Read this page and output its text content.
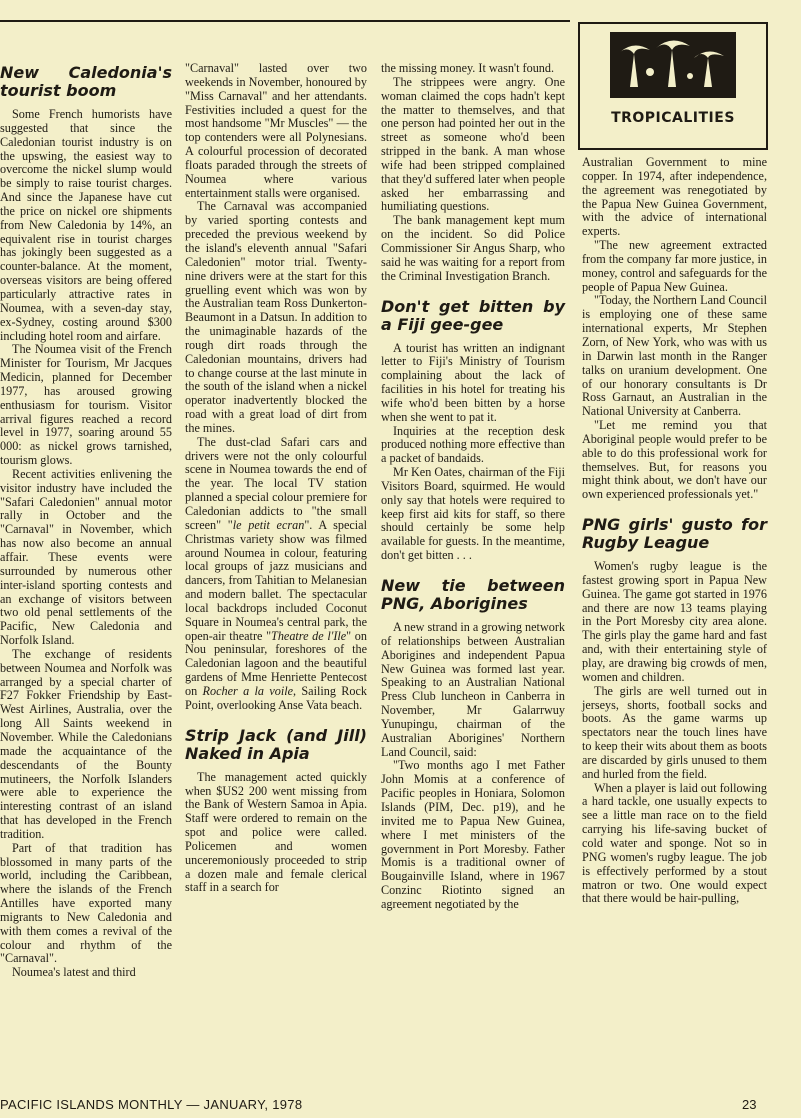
TROPICALITIES
New Caledonia's tourist boom

Some French humorists have suggested that since the Caledonian tourist industry is on the upswing, the easiest way to overcome the nickel slump would be simply to raise tourist charges. And since the Japanese have cut the price on nickel ore shipments from New Caledonia by 14%, an equivalent rise in tourist charges has jokingly been suggested as a counter-balance. At the moment, overseas visitors are being offered particularly attractive rates in Noumea, with a seven-day stay, ex-Sydney, costing around $300 including hotel room and airfare.

The Noumea visit of the French Minister for Tourism, Mr Jacques Medicin, planned for December 1977, has aroused growing enthusiasm for tourism. Visitor arrival figures reached a record level in 1977, soaring around 55 000: as nickel grows tarnished, tourism glows.

Recent activities enlivening the visitor industry have included the "Safari Caledonien" annual motor rally in October and the "Carnaval" in November, which has now also become an annual affair. These events were surrounded by numerous other inter-island sporting contests and an exchange of visitors between two old penal settlements of the Pacific, New Caledonia and Norfolk Island.

The exchange of residents between Noumea and Norfolk was arranged by a special charter of F27 Fokker Friendship by East-West Airlines, Australia, over the long All Saints weekend in November. While the Caledonians made the acquaintance of the descendants of the Bounty mutineers, the Norfolk Islanders were able to experience the interesting contrast of an island that has developed in the French tradition.

Part of that tradition has blossomed in many parts of the world, including the Caribbean, where the islands of the French Antilles have exported many migrants to New Caledonia and with them comes a revival of the colour and rhythm of the "Carnaval".

Noumea's latest and third

"Carnaval" lasted over two weekends in November, honoured by "Miss Carnaval" and her attendants. Festivities included a quest for the most handsome "Mr Muscles" — the top contenders were all Polynesians. A colourful procession of decorated floats paraded through the streets of Noumea where various entertainment stalls were organised.

The Carnaval was accompanied by varied sporting contests and preceded the previous weekend by the island's eleventh annual "Safari Caledonien" motor trial. Twenty-nine drivers were at the start for this gruelling event which was won by the Australian team Ross Dunkerton-Beaumont in a Datsun. In addition to the unimaginable hazards of the rough dirt roads through the Caledonian mountains, drivers had to change course at the last minute in the south of the island when a nickel operator inadvertently blocked the road with a great load of dirt from the mines.

The dust-clad Safari cars and drivers were not the only colourful scene in Noumea towards the end of the year. The local TV station planned a special colour premiere for Caledonian addicts to "the small screen" "le petit ecran". A special Christmas variety show was filmed around Noumea in colour, featuring local groups of jazz musicians and dancers, from Tahitian to Melanesian and modern ballet. The spectacular local backdrops included Coconut Square in Noumea's central park, the open-air theatre "Theatre de l'Ile" on Nou peninsular, foreshores of the Caledonian lagoon and the beautiful gardens of Mme Henriette Pentecost on Rocher a la voile, Sailing Rock Point, overlooking Anse Vata beach.

Strip Jack (and Jill) Naked in Apia

The management acted quickly when $US2 200 went missing from the Bank of Western Samoa in Apia. Staff were ordered to remain on the spot and police were called. Policemen and women unceremoniously proceeded to strip a dozen male and female clerical staff in a search for

the missing money. It wasn't found.

The strippees were angry. One woman claimed the cops hadn't kept the matter to themselves, and that one person had pointed her out in the street as someone who'd been stripped in the bank. A man whose wife had been stripped complained that they'd suffered later when people asked her embarrassing and humiliating questions.

The bank management kept mum on the incident. So did Police Commissioner Sir Angus Sharp, who said he was waiting for a report from the Criminal Investigation Branch.

Don't get bitten by a Fiji gee-gee

A tourist has written an indignant letter to Fiji's Ministry of Tourism complaining about the lack of facilities in his hotel for treating his wife who'd been bitten by a horse when she went to pat it.

Inquiries at the reception desk produced nothing more effective than a packet of bandaids.

Mr Ken Oates, chairman of the Fiji Visitors Board, squirmed. He would only say that hotels were required to keep first aid kits for staff, so there should certainly be some help available for guests. In the meantime, don't get bitten . . .

New tie between PNG, Aborigines

A new strand in a growing network of relationships between Australian Aborigines and independent Papua New Guinea was formed last year. Speaking to an Australian National Press Club luncheon in Canberra in November, Mr Galarrwuy Yunupingu, chairman of the Australian Aborigines' Northern Land Council, said:

"Two months ago I met Father John Momis at a conference of Pacific peoples in Honiara, Solomon Islands (PIM, Dec. p19), and he invited me to Papua New Guinea, where I met ministers of the government in Port Moresby. Father Momis is a traditional owner of Bougainville Island, where in 1967 Conzinc Riotinto signed an agreement negotiated by the

Australian Government to mine copper. In 1974, after independence, the agreement was renegotiated by the Papua New Guinea Government, with the advice of international experts.

"The new agreement extracted from the company far more justice, in money, control and safeguards for the people of Papua New Guinea.

"Today, the Northern Land Council is employing one of these same international experts, Mr Stephen Zorn, of New York, who was with us in Darwin last month in the Ranger talks on uranium development. One of our honorary consultants is Dr Ross Garnaut, an Australian in the National University at Canberra.

"Let me remind you that Aboriginal people would prefer to be able to do this professional work for themselves. But, for reasons you might think about, we don't have our own experienced professionals yet."

PNG girls' gusto for Rugby League

Women's rugby league is the fastest growing sport in Papua New Guinea. The game got started in 1976 and there are now 13 teams playing in the Port Moresby city area alone. The girls play the game hard and fast and, with their entertaining style of play, are drawing big crowds of men, women and children.

The girls are well turned out in jerseys, shorts, football socks and boots. As the game warms up spectators near the touch lines have to keep their wits about them as boots are discarded by girls unused to them and hurled from the field.

When a player is laid out following a hard tackle, one usually expects to see a little man race on to the field carrying his life-saving bucket of cold water and sponge. Not so in PNG women's rugby league. The job is effectively performed by a stout matron or two. One would expect that there would be hair-pulling,

PACIFIC ISLANDS MONTHLY — JANUARY, 1978	23
